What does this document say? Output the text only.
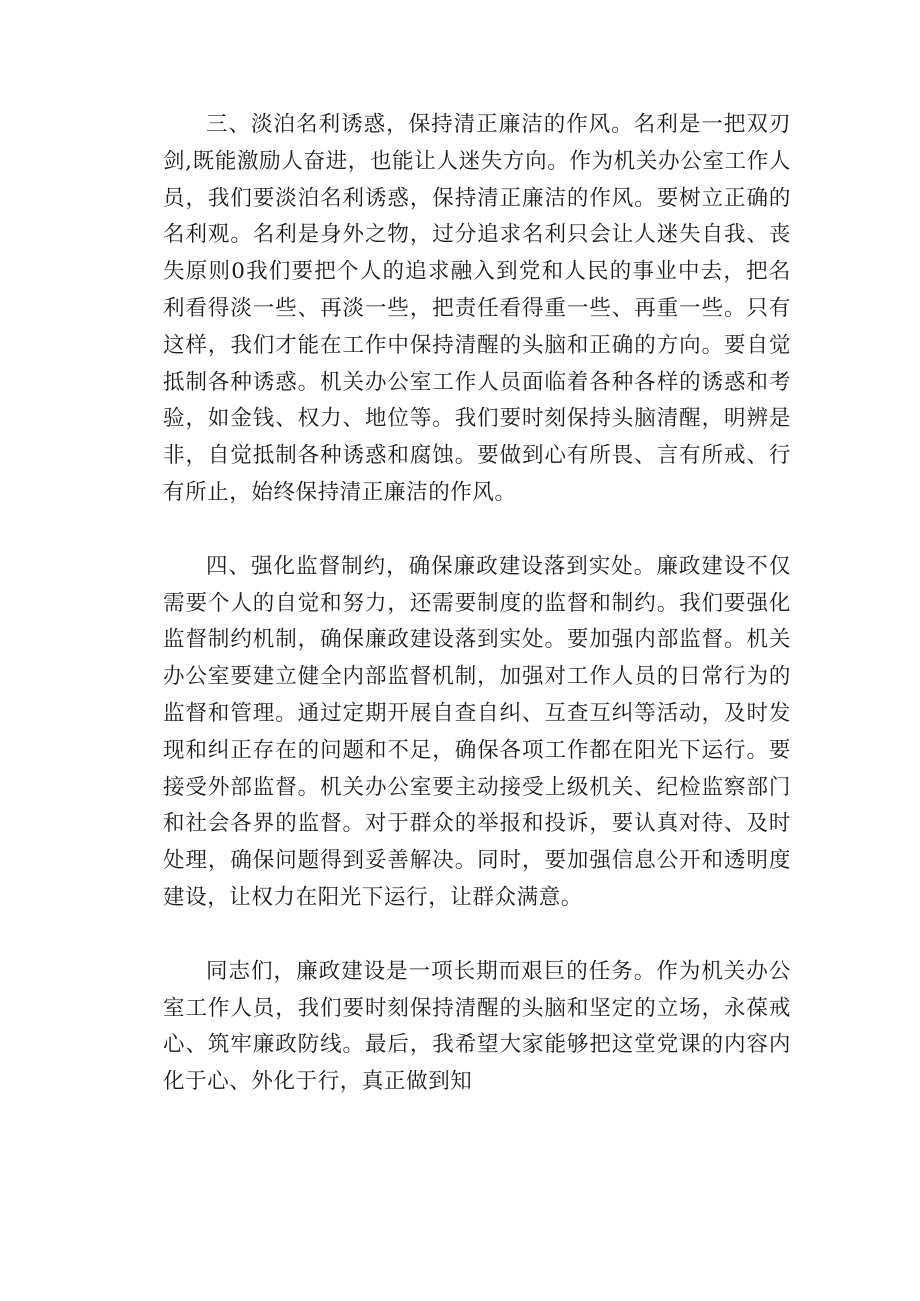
三、淡泊名利诱惑，保持清正廉洁的作风。名利是一把双刃剑,既能激励人奋进，也能让人迷失方向。作为机关办公室工作人员，我们要淡泊名利诱惑，保持清正廉洁的作风。要树立正确的名利观。名利是身外之物，过分追求名利只会让人迷失自我、丧失原则0我们要把个人的追求融入到党和人民的事业中去，把名利看得淡一些、再淡一些，把责任看得重一些、再重一些。只有这样，我们才能在工作中保持清醒的头脑和正确的方向。要自觉抵制各种诱惑。机关办公室工作人员面临着各种各样的诱惑和考验，如金钱、权力、地位等。我们要时刻保持头脑清醒，明辨是非，自觉抵制各种诱惑和腐蚀。要做到心有所畏、言有所戒、行有所止，始终保持清正廉洁的作风。

四、强化监督制约，确保廉政建设落到实处。廉政建设不仅需要个人的自觉和努力，还需要制度的监督和制约。我们要强化监督制约机制，确保廉政建设落到实处。要加强内部监督。机关办公室要建立健全内部监督机制，加强对工作人员的日常行为的监督和管理。通过定期开展自查自纠、互查互纠等活动，及时发现和纠正存在的问题和不足，确保各项工作都在阳光下运行。要接受外部监督。机关办公室要主动接受上级机关、纪检监察部门和社会各界的监督。对于群众的举报和投诉，要认真对待、及时处理，确保问题得到妥善解决。同时，要加强信息公开和透明度建设，让权力在阳光下运行，让群众满意。

同志们，廉政建设是一项长期而艰巨的任务。作为机关办公室工作人员，我们要时刻保持清醒的头脑和坚定的立场，永葆戒心、筑牢廉政防线。最后，我希望大家能够把这堂党课的内容内化于心、外化于行，真正做到知
